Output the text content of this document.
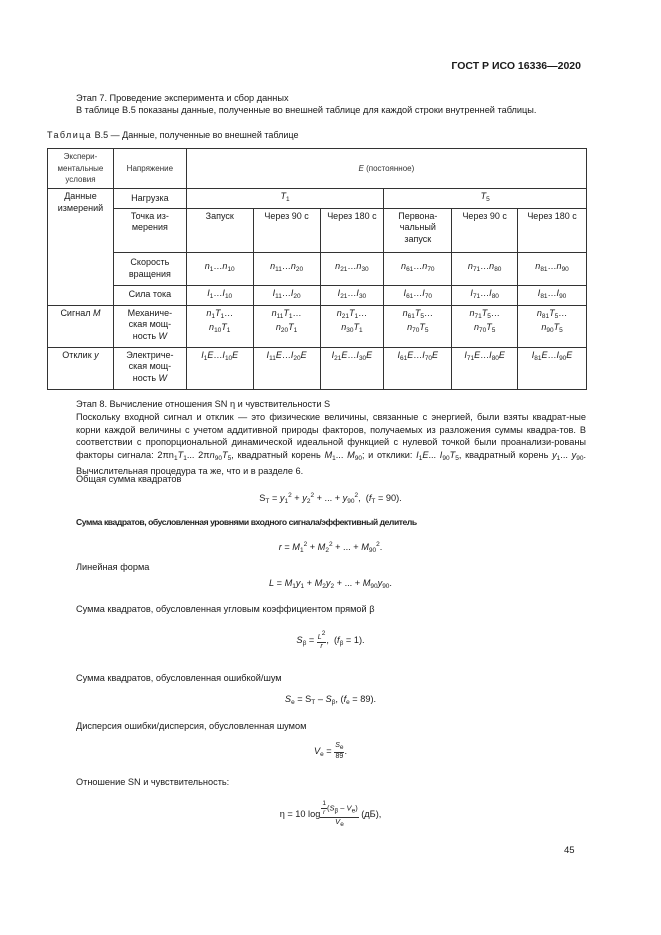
ГОСТ Р ИСО 16336—2020
Этап 7. Проведение эксперимента и сбор данных
В таблице В.5 показаны данные, полученные во внешней таблице для каждой строки внутренней таблицы.
Таблица В.5 — Данные, полученные во внешней таблице
Экспери-ментальные условия	Напряжение	E (постоянное)					
Данные измерений	Нагрузка	$T_1$			$T_5$
	Точка из-мерения	Запуск	Через 90 с	Через 180 с	Первона-чальный запуск	Через 90 с	Через 180 с
	Скорость вращения	$n_1\dots n_{10}$	$n_{11}\dots n_{20}$	$n_{21}\dots n_{30}$	$n_{61}\dots n_{70}$	$n_{71}\dots n_{80}$	$n_{81}\dots n_{90}$
	Сила тока	$I_1\dots I_{10}$	$I_{11}\dots I_{20}$	$I_{21}\dots I_{30}$	$I_{61}\dots I_{70}$	$I_{71}\dots I_{80}$	$I_{81}\dots I_{90}$
Сигнал M	Механиче-
ская мощ-
ность W	$n_1T_1\dots$
$n_{10}T_1$	$n_{11}T_1\dots$
$n_{20}T_1$	$n_{21}T_1\dots$
$n_{30}T_1$	$n_{61}T_5\dots$
$n_{70}T_5$	$n_{71}T_5\dots$
$n_{70}T_5$	$n_{81}T_5\dots$
$n_{90}T_5$
Отклик y	Электриче-
ская мощ-
ность W	$I_1E\dots I_{10}E$	$I_{11}E\dots I_{20}E$	$I_{21}E\dots I_{30}E$	$I_{61}E\dots I_{70}E$	$I_{71}E\dots I_{80}E$	$I_{81}E\dots I_{90}E$
Этап 8. Вычисление отношения SN η и чувствительности S
Поскольку входной сигнал и отклик — это физические величины, связанные с энергией, были взяты квадрат-ные корни каждой величины с учетом аддитивной природы факторов, получаемых из разложения суммы квадра-тов. В соответствии с пропорциональной динамической идеальной функцией с нулевой точкой были проанализи-рованы факторы сигнала: $2\pi n_1T_1$... $2\pi n_{90}T_5$, квадратный корень $M_1$... $M_{90}$; и отклики: $I_1E$... $I_{90}T_5$, квадратный корень $y_1$... $y_{90}$. Вычислительная процедура та же, что и в разделе 6.
Общая сумма квадратов
$S_T = y_1^2 + y_2^2$ + ... + $y_{90}^2$,  $(f_T = 90)$.
Сумма квадратов, обусловленная уровнями входного сигнала/эффективный делитель
$r = M_1^2 + M_2^2$ + ... + $M_{90}^2$.
Линейная форма
$L = M_1y_1 + M_2y_2$ + ... + $M_{90}y_{90}$.
Сумма квадратов, обусловленная угловым коэффициентом прямой β
$S_\beta = \frac{L^2}{r}$ ,  $(f_\beta = 1)$.
Сумма квадратов, обусловленная ошибкой/шум
$S_e = S_T - S_\beta$, $(f_e = 89)$.
Дисперсия ошибки/дисперсия, обусловленная шумом
$V_e = \frac{S_e}{89}$ .
Отношение SN и чувствительность:
η = 10 $\log \frac{\frac{1}{r} (S_\beta - V_e)}{V_e} (дБ)$,
45
